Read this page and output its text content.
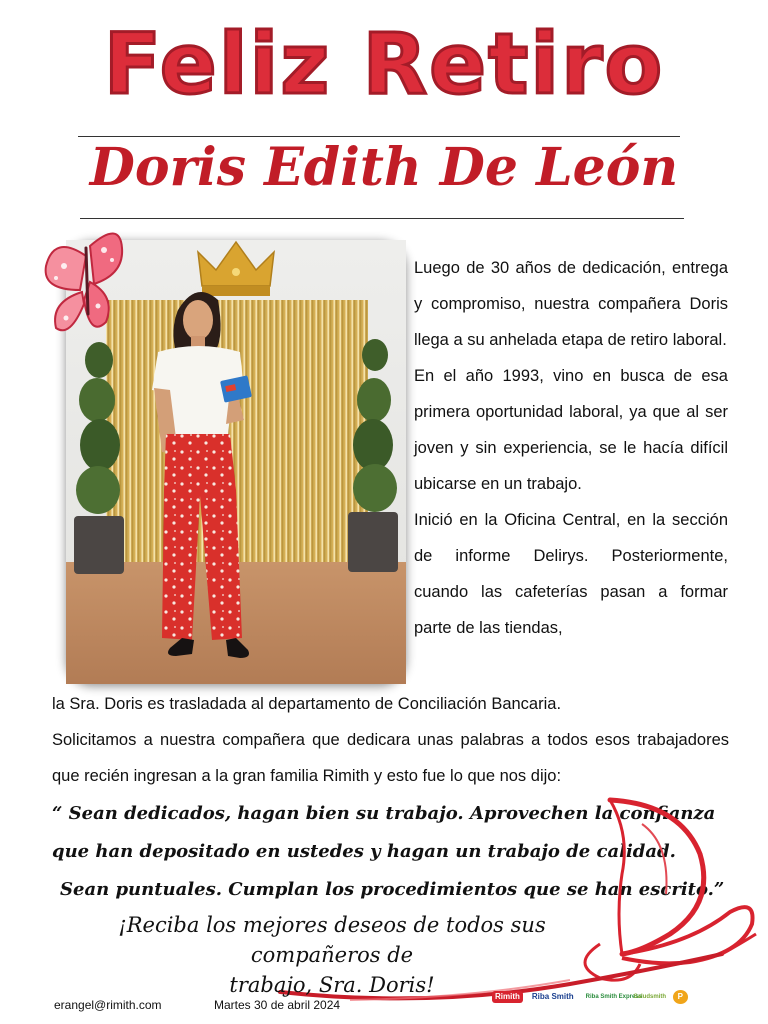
Feliz Retiro
Doris Edith De León

Luego de 30 años de dedicación, entrega y compromiso, nuestra compañera Doris llega a su anhelada etapa de retiro laboral.

En el año 1993, vino en busca de esa primera oportunidad laboral, ya que al ser joven y sin experiencia, se le hacía difícil ubicarse en un trabajo.

Inició en la Oficina Central, en la sección de informe Delirys. Posteriormente, cuando las cafeterías pasan a formar parte de las tiendas,

la Sra. Doris es trasladada al departamento de Conciliación Bancaria.

Solicitamos a nuestra compañera que dedicara unas palabras a todos esos trabajadores que recién ingresan a la gran familia Rimith y esto fue lo que nos dijo:

“ Sean dedicados, hagan bien su trabajo. Aprovechen la confianza
que han depositado en ustedes y hagan un trabajo de calidad.
Sean puntuales. Cumplan los procedimientos que se han escrito.”
¡Reciba los mejores deseos de todos sus compañeros de
trabajo, Sra. Doris!
erangel@rimith.com	Martes 30 de abril 2024
Rimith	Riba Smith	Riba Smith Express
Saludsmith	P
